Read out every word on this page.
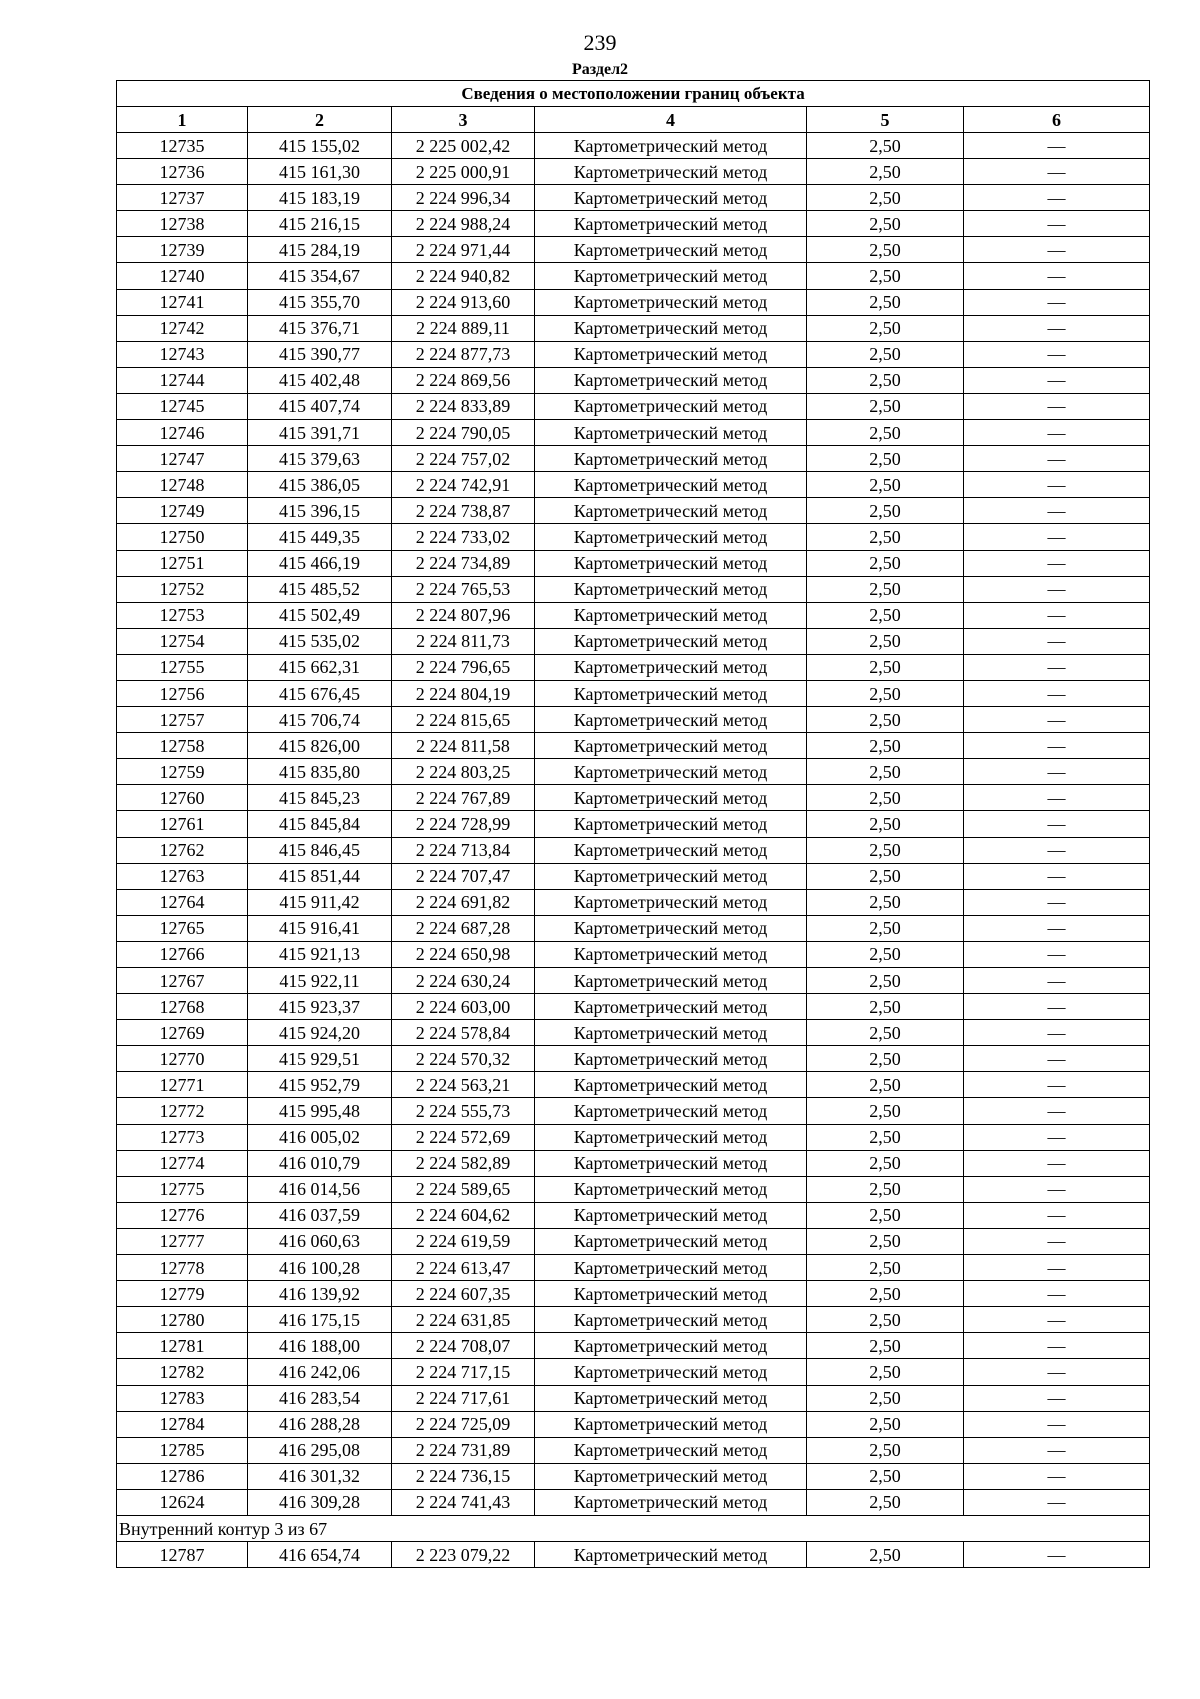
239
Раздел2
Сведения о местоположении границ объекта					
1	2	3	4	5	6
12735	415 155,02	2 225 002,42	Картометрический метод	2,50	—
12736	415 161,30	2 225 000,91	Картометрический метод	2,50	—
12737	415 183,19	2 224 996,34	Картометрический метод	2,50	—
12738	415 216,15	2 224 988,24	Картометрический метод	2,50	—
12739	415 284,19	2 224 971,44	Картометрический метод	2,50	—
12740	415 354,67	2 224 940,82	Картометрический метод	2,50	—
12741	415 355,70	2 224 913,60	Картометрический метод	2,50	—
12742	415 376,71	2 224 889,11	Картометрический метод	2,50	—
12743	415 390,77	2 224 877,73	Картометрический метод	2,50	—
12744	415 402,48	2 224 869,56	Картометрический метод	2,50	—
12745	415 407,74	2 224 833,89	Картометрический метод	2,50	—
12746	415 391,71	2 224 790,05	Картометрический метод	2,50	—
12747	415 379,63	2 224 757,02	Картометрический метод	2,50	—
12748	415 386,05	2 224 742,91	Картометрический метод	2,50	—
12749	415 396,15	2 224 738,87	Картометрический метод	2,50	—
12750	415 449,35	2 224 733,02	Картометрический метод	2,50	—
12751	415 466,19	2 224 734,89	Картометрический метод	2,50	—
12752	415 485,52	2 224 765,53	Картометрический метод	2,50	—
12753	415 502,49	2 224 807,96	Картометрический метод	2,50	—
12754	415 535,02	2 224 811,73	Картометрический метод	2,50	—
12755	415 662,31	2 224 796,65	Картометрический метод	2,50	—
12756	415 676,45	2 224 804,19	Картометрический метод	2,50	—
12757	415 706,74	2 224 815,65	Картометрический метод	2,50	—
12758	415 826,00	2 224 811,58	Картометрический метод	2,50	—
12759	415 835,80	2 224 803,25	Картометрический метод	2,50	—
12760	415 845,23	2 224 767,89	Картометрический метод	2,50	—
12761	415 845,84	2 224 728,99	Картометрический метод	2,50	—
12762	415 846,45	2 224 713,84	Картометрический метод	2,50	—
12763	415 851,44	2 224 707,47	Картометрический метод	2,50	—
12764	415 911,42	2 224 691,82	Картометрический метод	2,50	—
12765	415 916,41	2 224 687,28	Картометрический метод	2,50	—
12766	415 921,13	2 224 650,98	Картометрический метод	2,50	—
12767	415 922,11	2 224 630,24	Картометрический метод	2,50	—
12768	415 923,37	2 224 603,00	Картометрический метод	2,50	—
12769	415 924,20	2 224 578,84	Картометрический метод	2,50	—
12770	415 929,51	2 224 570,32	Картометрический метод	2,50	—
12771	415 952,79	2 224 563,21	Картометрический метод	2,50	—
12772	415 995,48	2 224 555,73	Картометрический метод	2,50	—
12773	416 005,02	2 224 572,69	Картометрический метод	2,50	—
12774	416 010,79	2 224 582,89	Картометрический метод	2,50	—
12775	416 014,56	2 224 589,65	Картометрический метод	2,50	—
12776	416 037,59	2 224 604,62	Картометрический метод	2,50	—
12777	416 060,63	2 224 619,59	Картометрический метод	2,50	—
12778	416 100,28	2 224 613,47	Картометрический метод	2,50	—
12779	416 139,92	2 224 607,35	Картометрический метод	2,50	—
12780	416 175,15	2 224 631,85	Картометрический метод	2,50	—
12781	416 188,00	2 224 708,07	Картометрический метод	2,50	—
12782	416 242,06	2 224 717,15	Картометрический метод	2,50	—
12783	416 283,54	2 224 717,61	Картометрический метод	2,50	—
12784	416 288,28	2 224 725,09	Картометрический метод	2,50	—
12785	416 295,08	2 224 731,89	Картометрический метод	2,50	—
12786	416 301,32	2 224 736,15	Картометрический метод	2,50	—
12624	416 309,28	2 224 741,43	Картометрический метод	2,50	—
Внутренний контур 3 из 67					
12787	416 654,74	2 223 079,22	Картометрический метод	2,50	—
